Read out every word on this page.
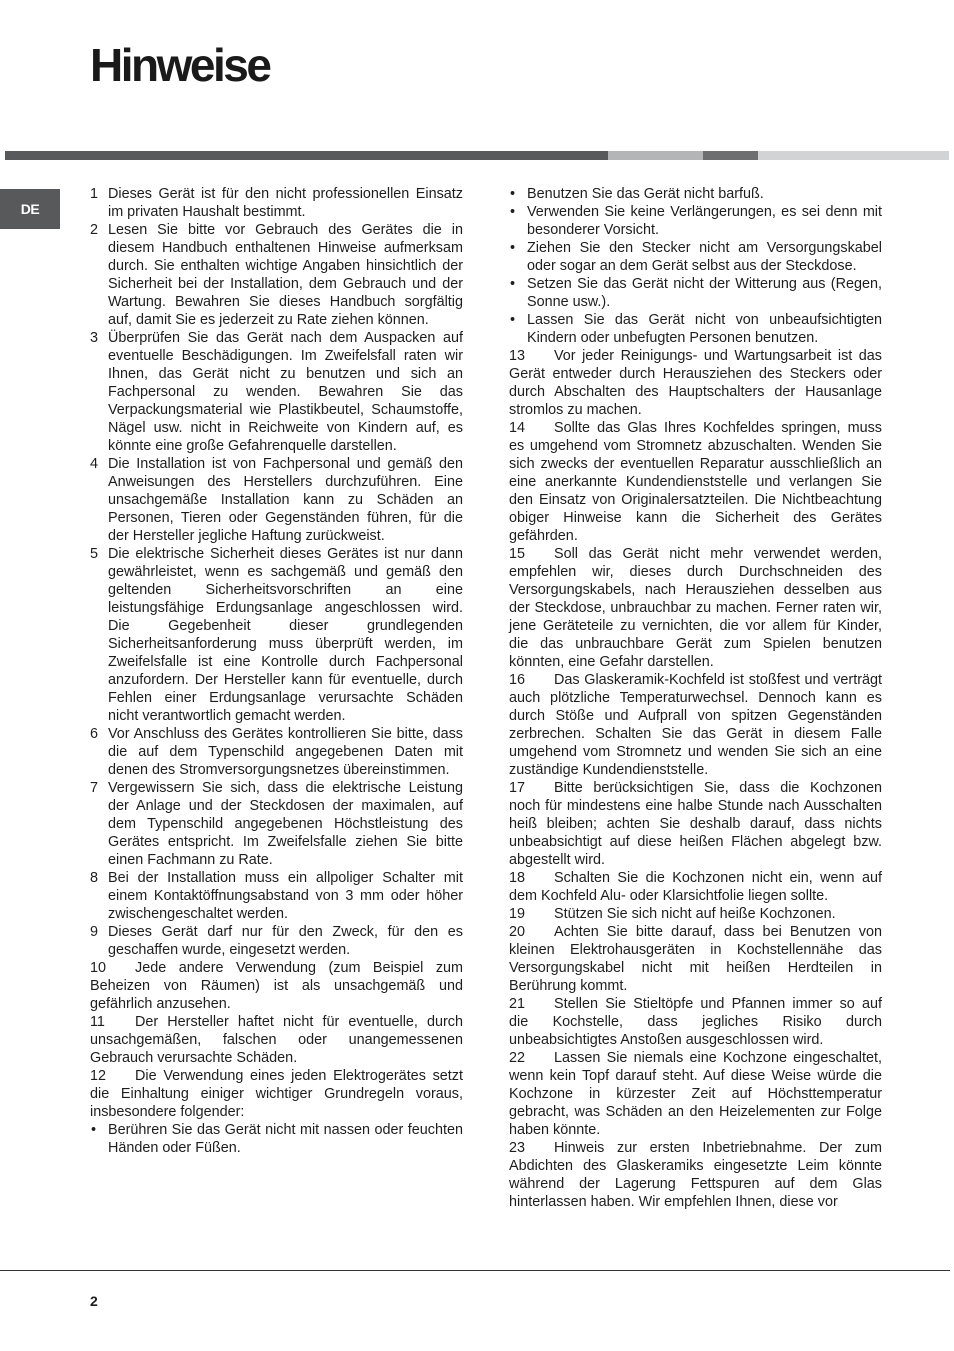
Hinweise
DE
1 Dieses Gerät ist für den nicht professionellen Einsatz im privaten Haushalt bestimmt.
2 Lesen Sie bitte vor Gebrauch des Gerätes die in diesem Handbuch enthaltenen Hinweise aufmerksam durch. Sie enthalten wichtige Angaben hinsichtlich der Sicherheit bei der Installation, dem Gebrauch und der Wartung. Bewahren Sie dieses Handbuch sorgfältig auf, damit Sie es jederzeit zu Rate ziehen können.
3 Überprüfen Sie das Gerät nach dem Auspacken auf eventuelle Beschädigungen. Im Zweifelsfall raten wir Ihnen, das Gerät nicht zu benutzen und sich an Fachpersonal zu wenden. Bewahren Sie das Verpackungsmaterial wie Plastikbeutel, Schaumstoffe, Nägel usw. nicht in Reichweite von Kindern auf, es könnte eine große Gefahrenquelle darstellen.
4 Die Installation ist von Fachpersonal und gemäß den Anweisungen des Herstellers durchzuführen. Eine unsachgemäße Installation kann zu Schäden an Personen, Tieren oder Gegenständen führen, für die der Hersteller jegliche Haftung zurückweist.
5 Die elektrische Sicherheit dieses Gerätes ist nur dann gewährleistet, wenn es sachgemäß und gemäß den geltenden Sicherheitsvorschriften an eine leistungsfähige Erdungsanlage angeschlossen wird. Die Gegebenheit dieser grundlegenden Sicherheitsanforderung muss überprüft werden, im Zweifelsfalle ist eine Kontrolle durch Fachpersonal anzufordern. Der Hersteller kann für eventuelle, durch Fehlen einer Erdungsanlage verursachte Schäden nicht verantwortlich gemacht werden.
6 Vor Anschluss des Gerätes kontrollieren Sie bitte, dass die auf dem Typenschild angegebenen Daten mit denen des Stromversorgungsnetzes übereinstimmen.
7 Vergewissern Sie sich, dass die elektrische Leistung der Anlage und der Steckdosen der maximalen, auf dem Typenschild angegebenen Höchstleistung des Gerätes entspricht. Im Zweifelsfalle ziehen Sie bitte einen Fachmann zu Rate.
8 Bei der Installation muss ein allpoliger Schalter mit einem Kontaktöffnungsabstand von 3 mm oder höher zwischengeschaltet werden.
9 Dieses Gerät darf nur für den Zweck, für den es geschaffen wurde, eingesetzt werden.
10 Jede andere Verwendung (zum Beispiel zum Beheizen von Räumen) ist als unsachgemäß und gefährlich anzusehen.
11 Der Hersteller haftet nicht für eventuelle, durch unsachgemäßen, falschen oder unangemessenen Gebrauch verursachte Schäden.
12 Die Verwendung eines jeden Elektrogerätes setzt die Einhaltung einiger wichtiger Grundregeln voraus, insbesondere folgender:
• Berühren Sie das Gerät nicht mit nassen oder feuchten Händen oder Füßen.
• Benutzen Sie das Gerät nicht barfuß.
• Verwenden Sie keine Verlängerungen, es sei denn mit besonderer Vorsicht.
• Ziehen Sie den Stecker nicht am Versorgungskabel oder sogar an dem Gerät selbst aus der Steckdose.
• Setzen Sie das Gerät nicht der Witterung aus (Regen, Sonne usw.).
• Lassen Sie das Gerät nicht von unbeaufsichtigten Kindern oder unbefugten Personen benutzen.
13 Vor jeder Reinigungs- und Wartungsarbeit ist das Gerät entweder durch Herausziehen des Steckers oder durch Abschalten des Hauptschalters der Hausanlage stromlos zu machen.
14 Sollte das Glas Ihres Kochfeldes springen, muss es umgehend vom Stromnetz abzuschalten. Wenden Sie sich zwecks der eventuellen Reparatur ausschließlich an eine anerkannte Kundendienststelle und verlangen Sie den Einsatz von Originalersatzteilen. Die Nichtbeachtung obiger Hinweise kann die Sicherheit des Gerätes gefährden.
15 Soll das Gerät nicht mehr verwendet werden, empfehlen wir, dieses durch Durchschneiden des Versorgungskabels, nach Herausziehen desselben aus der Steckdose, unbrauchbar zu machen. Ferner raten wir, jene Geräteteile zu vernichten, die vor allem für Kinder, die das unbrauchbare Gerät zum Spielen benutzen könnten, eine Gefahr darstellen.
16 Das Glaskeramik-Kochfeld ist stoßfest und verträgt auch plötzliche Temperaturwechsel. Dennoch kann es durch Stöße und Aufprall von spitzen Gegenständen zerbrechen. Schalten Sie das Gerät in diesem Falle umgehend vom Stromnetz und wenden Sie sich an eine zuständige Kundendienststelle.
17 Bitte berücksichtigen Sie, dass die Kochzonen noch für mindestens eine halbe Stunde nach Ausschalten heiß bleiben; achten Sie deshalb darauf, dass nichts unbeabsichtigt auf diese heißen Flächen abgelegt bzw. abgestellt wird.
18 Schalten Sie die Kochzonen nicht ein, wenn auf dem Kochfeld Alu- oder Klarsichtfolie liegen sollte.
19 Stützen Sie sich nicht auf heiße Kochzonen.
20 Achten Sie bitte darauf, dass bei Benutzen von kleinen Elektrohausgeräten in Kochstellennähe das Versorgungskabel nicht mit heißen Herdteilen in Berührung kommt.
21 Stellen Sie Stieltöpfe und Pfannen immer so auf die Kochstelle, dass jegliches Risiko durch unbeabsichtigtes Anstoßen ausgeschlossen wird.
22 Lassen Sie niemals eine Kochzone eingeschaltet, wenn kein Topf darauf steht. Auf diese Weise würde die Kochzone in kürzester Zeit auf Höchsttemperatur gebracht, was Schäden an den Heizelementen zur Folge haben könnte.
23 Hinweis zur ersten Inbetriebnahme. Der zum Abdichten des Glaskeramiks eingesetzte Leim könnte während der Lagerung Fettspuren auf dem Glas hinterlassen haben. Wir empfehlen Ihnen, diese vor
2
